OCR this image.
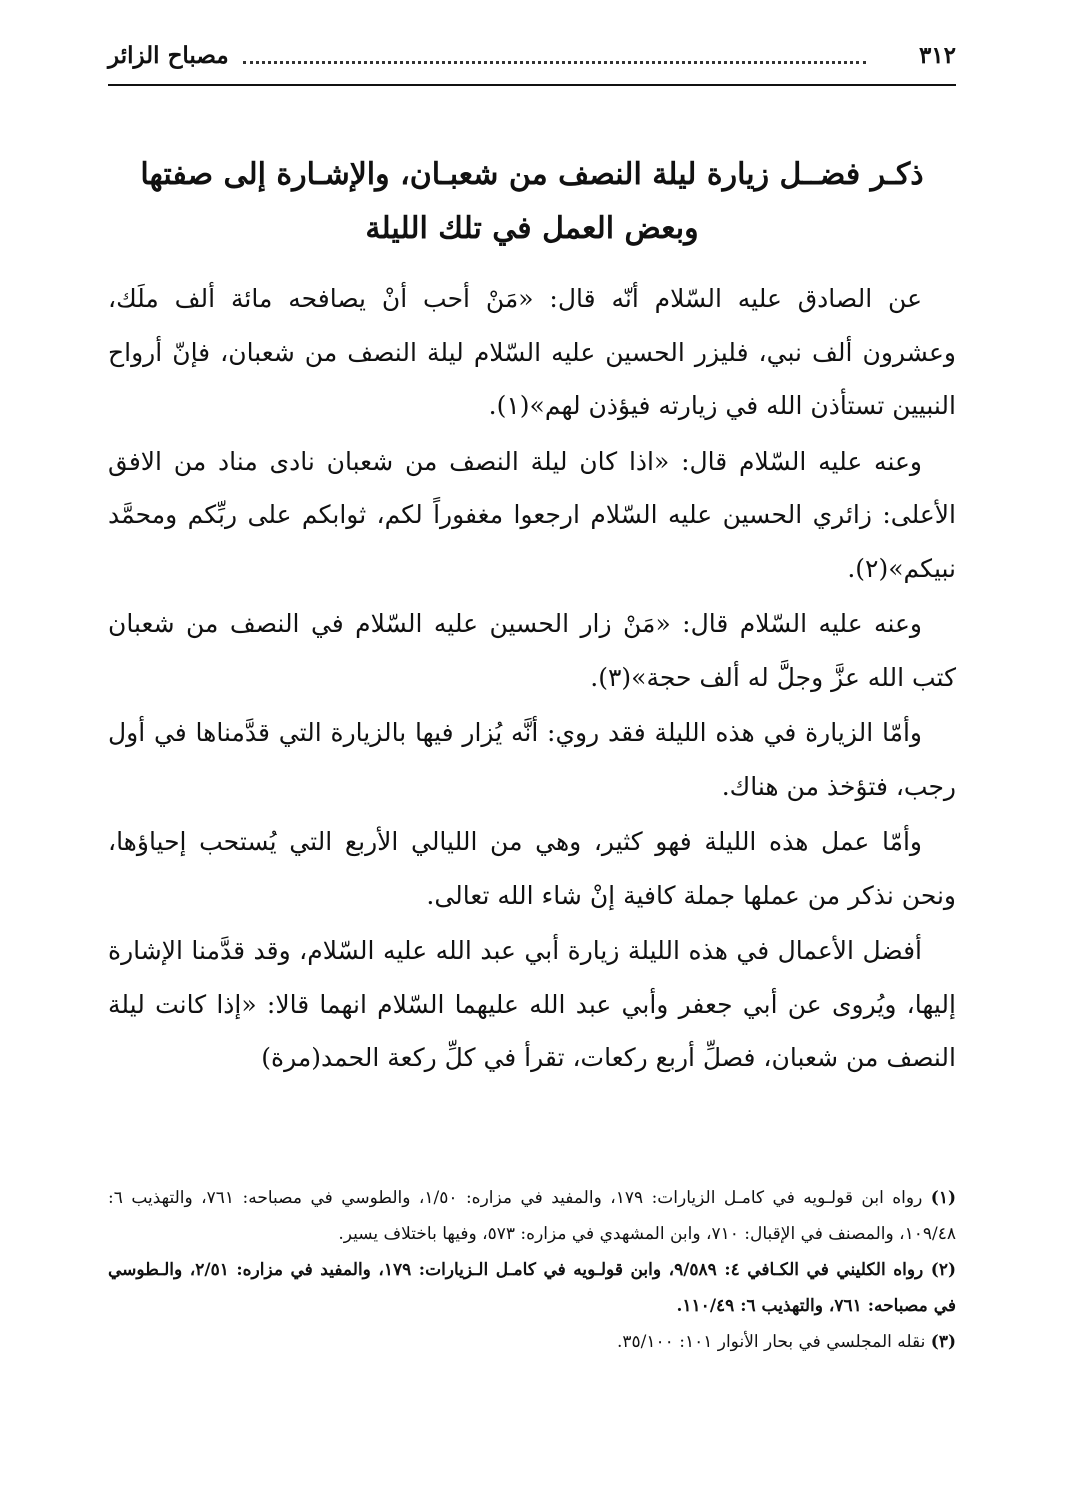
مصباح الزائر	٣١٢
ذكـر فضــل زيارة ليلة النصف من شعبـان، والإشـارة إلى صفتها
وبعض العمل في تلك الليلة

عن الصادق عليه السّلام أنّه قال: «مَنْ أحب أنْ يصافحه مائة ألف ملَك، وعشرون ألف نبي، فليزر الحسين عليه السّلام ليلة النصف من شعبان، فإنّ أرواح النبيين تستأذن الله في زيارته فيؤذن لهم»(١).

وعنه عليه السّلام قال: «اذا كان ليلة النصف من شعبان نادى مناد من الافق الأعلى: زائري الحسين عليه السّلام ارجعوا مغفوراً لكم، ثوابكم على ربِّكم ومحمَّد نبيكم»(٢).

وعنه عليه السّلام قال: «مَنْ زار الحسين عليه السّلام في النصف من شعبان كتب الله عزَّ وجلَّ له ألف حجة»(٣).

وأمّا الزيارة في هذه الليلة فقد روي: أنَّه يُزار فيها بالزيارة التي قدَّمناها في أول رجب، فتؤخذ من هناك.

وأمّا عمل هذه الليلة فهو كثير، وهي من الليالي الأربع التي يُستحب إحياؤها، ونحن نذكر من عملها جملة كافية إنْ شاء الله تعالى.

أفضل الأعمال في هذه الليلة زيارة أبي عبد الله عليه السّلام، وقد قدَّمنا الإشارة إليها، ويُروى عن أبي جعفر وأبي عبد الله عليهما السّلام انهما قالا: «إذا كانت ليلة النصف من شعبان، فصلِّ أربع ركعات، تقرأ في كلِّ ركعة الحمد(مرة)

(١) رواه ابن قولـويه في كامـل الزيارات: ١٧٩، والمفيد في مزاره: ١/٥٠، والطوسي في مصباحه: ٧٦١، والتهذيب ٦: ١٠٩/٤٨، والمصنف في الإقبال: ٧١٠، وابن المشهدي في مزاره: ٥٧٣، وفيها باختلاف يسير.

(٢) رواه الكليني في الكـافي ٤: ٩/٥٨٩، وابن قولـويه في كامـل الـزيارات: ١٧٩، والمفيد في مزاره: ٢/٥١، والـطوسي في مصباحه: ٧٦١، والتهذيب ٦: ١١٠/٤٩.

(٣) نقله المجلسي في بحار الأنوار ١٠١: ٣٥/١٠٠.
